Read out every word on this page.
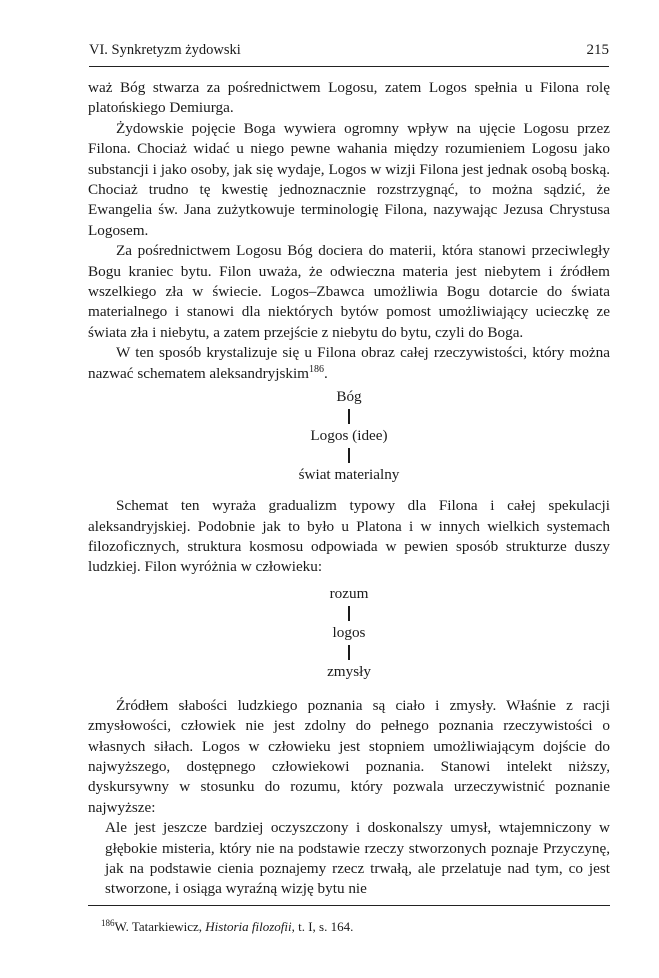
VI. Synkretyzm żydowski	215

waż Bóg stwarza za pośrednictwem Logosu, zatem Logos spełnia u Filona rolę platońskiego Demiurga.

Żydowskie pojęcie Boga wywiera ogromny wpływ na ujęcie Logosu przez Filona. Chociaż widać u niego pewne wahania między rozumieniem Logosu jako substancji i jako osoby, jak się wydaje, Logos w wizji Filona jest jednak osobą boską. Chociaż trudno tę kwestię jednoznacznie rozstrzygnąć, to można sądzić, że Ewangelia św. Jana zużytkowuje terminologię Filona, nazywając Jezusa Chrystusa Logosem.

Za pośrednictwem Logosu Bóg dociera do materii, która stanowi przeciwległy Bogu kraniec bytu. Filon uważa, że odwieczna materia jest niebytem i źródłem wszelkiego zła w świecie. Logos–Zbawca umożliwia Bogu dotarcie do świata materialnego i stanowi dla niektórych bytów pomost umożliwiający ucieczkę ze świata zła i niebytu, a zatem przejście z niebytu do bytu, czyli do Boga.

W ten sposób krystalizuje się u Filona obraz całej rzeczywistości, który można nazwać schematem aleksandryjskim$^{186}$.

Bóg
Logos (idee)
świat materialny

Schemat ten wyraża gradualizm typowy dla Filona i całej spekulacji aleksandryjskiej. Podobnie jak to było u Platona i w innych wielkich systemach filozoficznych, struktura kosmosu odpowiada w pewien sposób strukturze duszy ludzkiej. Filon wyróżnia w człowieku:

rozum
logos
zmysły

Źródłem słabości ludzkiego poznania są ciało i zmysły. Właśnie z racji zmysłowości, człowiek nie jest zdolny do pełnego poznania rzeczywistości o własnych siłach. Logos w człowieku jest stopniem umożliwiającym dojście do najwyższego, dostępnego człowiekowi poznania. Stanowi intelekt niższy, dyskursywny w stosunku do rozumu, który pozwala urzeczywistnić poznanie najwyższe:

Ale jest jeszcze bardziej oczyszczony i doskonalszy umysł, wtajemniczony w głębokie misteria, który nie na podstawie rzeczy stworzonych poznaje Przyczynę, jak na podstawie cienia poznajemy rzecz trwałą, ale przelatuje nad tym, co jest stworzone, i osiąga wyraźną wizję bytu nie

$^{186}$W. Tatarkiewicz, Historia filozofii, t. I, s. 164.
